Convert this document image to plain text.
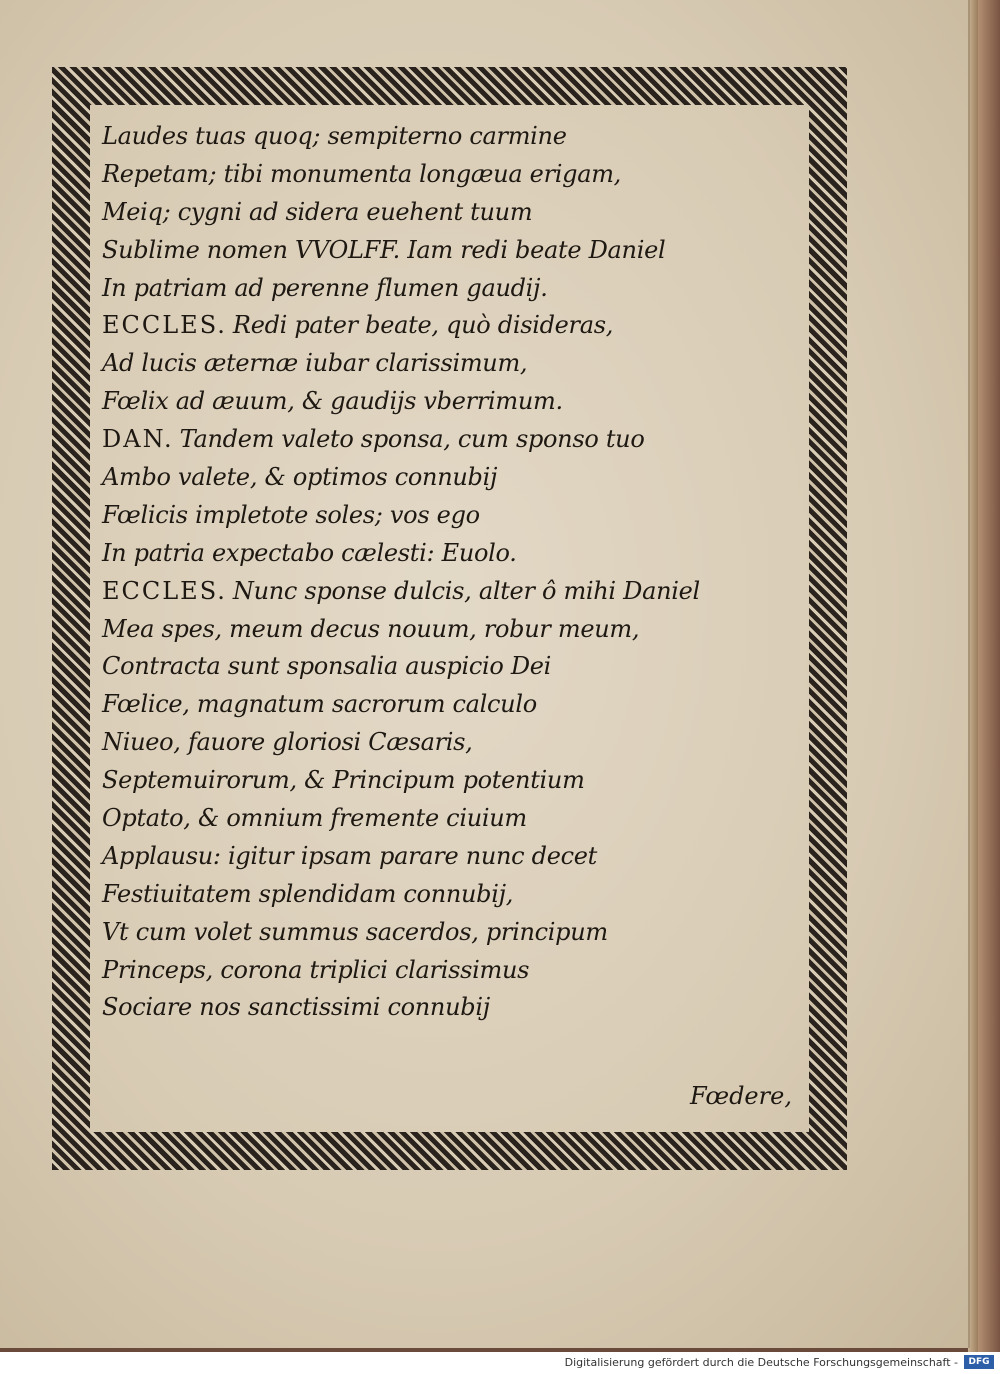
Laudes tuas quoq; sempiterno carmine
Repetam; tibi monumenta longæua erigam,
Meiq; cygni ad sidera euehent tuum
Sublime nomen VVOLFF. Iam redi beate Daniel
In patriam ad perenne flumen gaudij.
ECCLES. Redi pater beate, quò disideras,
Ad lucis æternæ iubar clarissimum,
Fœlix ad æuum, & gaudijs vberrimum.
DAN. Tandem valeto sponsa, cum sponso tuo
Ambo valete, & optimos connubij
Fœlicis impletote soles; vos ego
In patria expectabo cælesti: Euolo.
ECCLES. Nunc sponse dulcis, alter ô mihi Daniel
Mea spes, meum decus nouum, robur meum,
Contracta sunt sponsalia auspicio Dei
Fœlice, magnatum sacrorum calculo
Niueo, fauore gloriosi Cæsaris,
Septemuirorum, & Principum potentium
Optato, & omnium fremente ciuium
Applausu: igitur ipsam parare nunc decet
Festiuitatem splendidam connubij,
Vt cum volet summus sacerdos, principum
Princeps, corona triplici clarissimus
Sociare nos sanctissimi connubij
Fœdere,
Digitalisierung gefördert durch die Deutsche Forschungsgemeinschaft -	DFG
